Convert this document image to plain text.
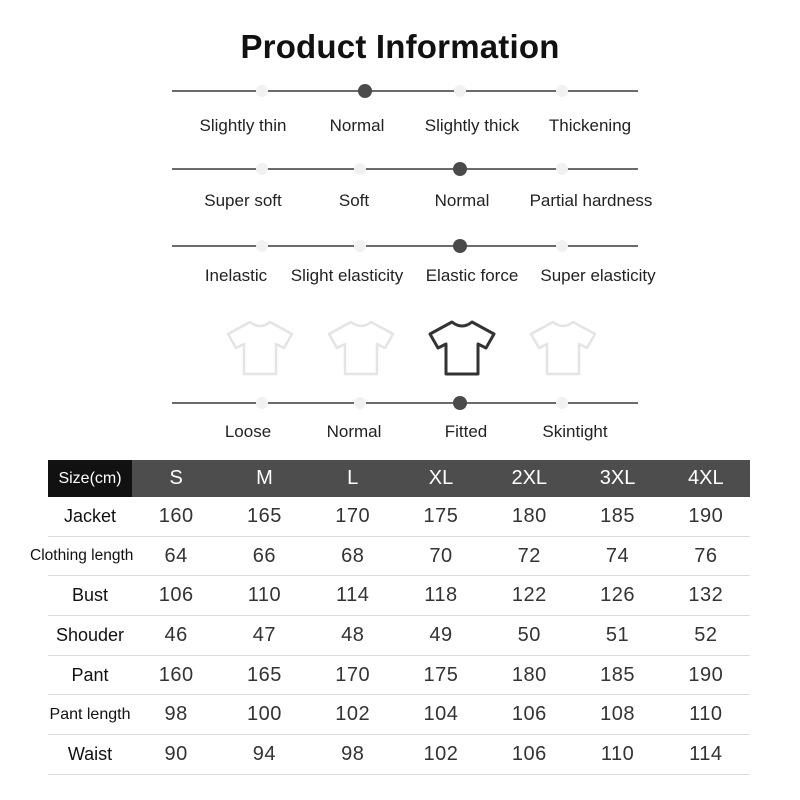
Product Information
Slightly thin	Normal Slightly thick Thickening
Super soft	Soft	Normal Partial hardness
Inelastic Slight elasticity Elastic force Super elasticity
Loose	Normal	Fitted	Skintight
Size(cm)	S	M	L	XL	2XL	3XL	4XL
Jacket	160	165	170	175	180	185	190
Clothing length	64	66	68	70	72	74	76
Bust	106	110	114	118	122	126	132
Shouder	46	47	48	49	50	51	52
Pant	160	165	170	175	180	185	190
Pant length	98	100	102	104	106	108	110
Waist	90	94	98	102	106	110	114
